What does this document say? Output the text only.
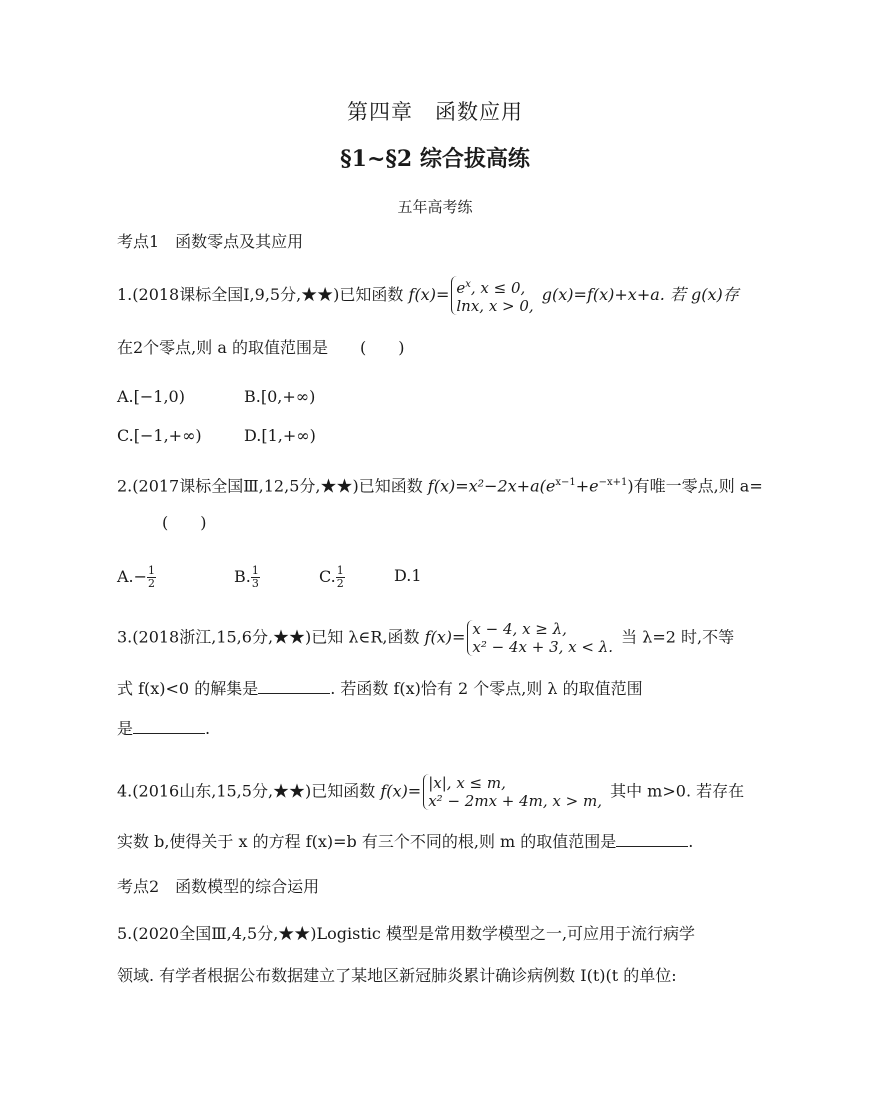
第四章　函数应用
§1~§2 综合拔高练
五年高考练
考点1　函数零点及其应用
1.(2018课标全国Ⅰ,9,5分,★★)已知函数 $f(x)= e^x$, x ≤ 0,
lnx, x > 0,
g(x)=f(x)+x+a. 若 g(x)存
在2个零点,则 a 的取值范围是　　(　　)
A.[−1,0)	B.[0,+∞)
C.[−1,+∞)	D.[1,+∞)
2.(2017课标全国Ⅲ,12,5分,★★)已知函数 $f(x)=x^2-2x+a(e^{x-1}+e^{-x+1})$有唯一零点,则 a=
(　　)
$A.- \frac{1}{2}$	B. $\frac{1}{3}$	C. $\frac{1}{2}$	D.1
3.(2018浙江,15,6分,★★)已知 λ∈R,函数 f(x)= x − 4, x ≥ λ,
x² − 4x + 3, x < λ.
当 λ=2 时,不等
式 f(x)<0 的解集是	. 若函数 f(x)恰有 2 个零点,则 λ 的取值范围
是	.
4.(2016山东,15,5分,★★)已知函数 f(x)= |x|, x ≤ m,
x² − 2mx + 4m, x > m,
其中 m>0. 若存在
实数 b,使得关于 x 的方程 f(x)=b 有三个不同的根,则 m 的取值范围是	.
考点2　函数模型的综合运用
5.(2020全国Ⅲ,4,5分,★★)Logistic 模型是常用数学模型之一,可应用于流行病学
领域. 有学者根据公布数据建立了某地区新冠肺炎累计确诊病例数 I(t)(t 的单位:
